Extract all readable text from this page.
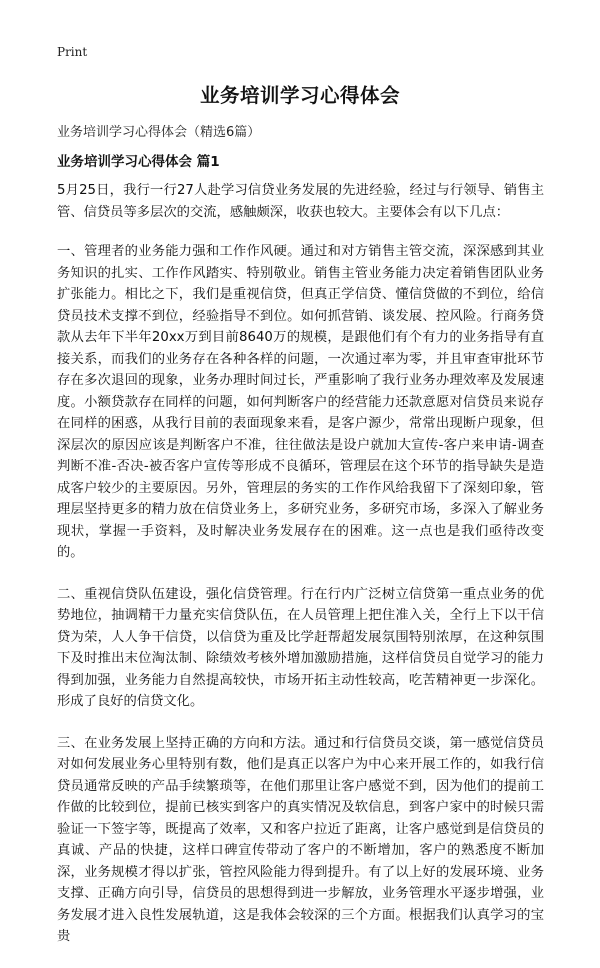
Print
业务培训学习心得体会
业务培训学习心得体会（精选6篇）
业务培训学习心得体会 篇1

5月25日，我行一行27人赴学习信贷业务发展的先进经验，经过与行领导、销售主管、信贷员等多层次的交流，感触颇深，收获也较大。主要体会有以下几点：

一、管理者的业务能力强和工作作风硬。通过和对方销售主管交流，深深感到其业务知识的扎实、工作作风踏实、特别敬业。销售主管业务能力决定着销售团队业务扩张能力。相比之下，我们是重视信贷，但真正学信贷、懂信贷做的不到位，给信贷员技术支撑不到位，经验指导不到位。如何抓营销、谈发展、控风险。行商务贷款从去年下半年20xx万到目前8640万的规模，是跟他们有个有力的业务指导有直接关系，而我们的业务存在各种各样的问题，一次通过率为零，并且审查审批环节存在多次退回的现象，业务办理时间过长，严重影响了我行业务办理效率及发展速度。小额贷款存在同样的问题，如何判断客户的经营能力还款意愿对信贷员来说存在同样的困惑，从我行目前的表面现象来看，是客户源少，常常出现断户现象，但深层次的原因应该是判断客户不准，往往做法是设户就加大宣传-客户来申请-调查判断不准-否决-被否客户宣传等形成不良循环，管理层在这个环节的指导缺失是造成客户较少的主要原因。另外，管理层的务实的工作作风给我留下了深刻印象，管理层坚持更多的精力放在信贷业务上，多研究业务，多研究市场，多深入了解业务现状，掌握一手资料，及时解决业务发展存在的困难。这一点也是我们亟待改变的。

二、重视信贷队伍建设，强化信贷管理。行在行内广泛树立信贷第一重点业务的优势地位，抽调精干力量充实信贷队伍，在人员管理上把住准入关，全行上下以干信贷为荣，人人争干信贷，以信贷为重及比学赶帮超发展氛围特别浓厚，在这种氛围下及时推出末位淘汰制、除绩效考核外增加激励措施，这样信贷员自觉学习的能力得到加强，业务能力自然提高较快，市场开拓主动性较高，吃苦精神更一步深化。形成了良好的信贷文化。

三、在业务发展上坚持正确的方向和方法。通过和行信贷员交谈，第一感觉信贷员对如何发展业务心里特别有数，他们是真正以客户为中心来开展工作的，如我行信贷员通常反映的产品手续繁琐等，在他们那里让客户感觉不到，因为他们的提前工作做的比较到位，提前已核实到客户的真实情况及软信息，到客户家中的时候只需验证一下签字等，既提高了效率，又和客户拉近了距离，让客户感觉到是信贷员的真诚、产品的快捷，这样口碑宣传带动了客户的不断增加，客户的熟悉度不断加深，业务规模才得以扩张，管控风险能力得到提升。有了以上好的发展环境、业务支撑、正确方向引导，信贷员的思想得到进一步解放，业务管理水平逐步增强，业务发展才进入良性发展轨道，这是我体会较深的三个方面。根据我们认真学习的宝贵
